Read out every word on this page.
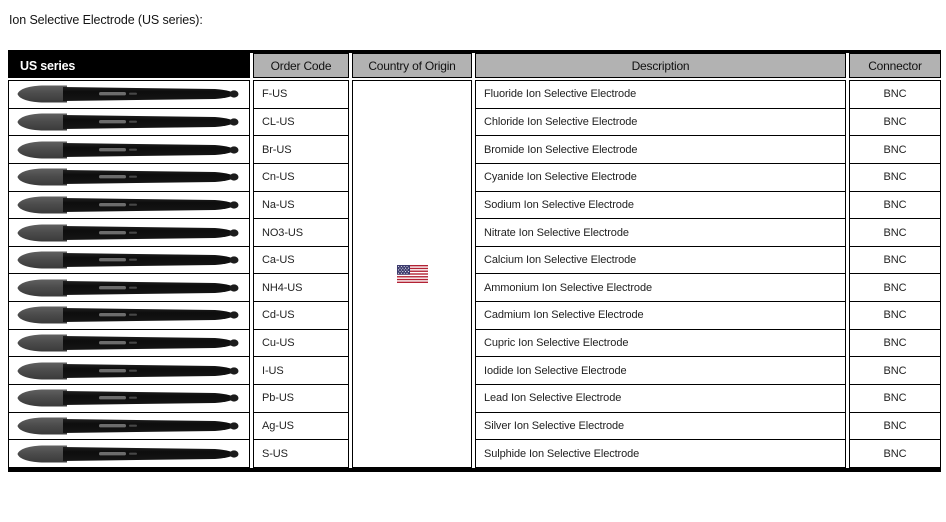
Ion Selective Electrode (US series):
US series	Order Code
F-US
CL-US
Br-US
Cn-US
Na-US
NO3-US
Ca-US
NH4-US
Cd-US
Cu-US
I-US
Pb-US
Ag-US
S-US
Country of Origin	Description
Fluoride Ion Selective Electrode
Chloride Ion Selective Electrode
Bromide Ion Selective Electrode
Cyanide Ion Selective Electrode
Sodium Ion Selective Electrode
Nitrate Ion Selective Electrode
Calcium Ion Selective Electrode
Ammonium Ion Selective Electrode
Cadmium Ion Selective Electrode
Cupric Ion Selective Electrode
Iodide Ion Selective Electrode
Lead Ion Selective Electrode
Silver Ion Selective Electrode
Sulphide Ion Selective Electrode
Connector
BNC
BNC
BNC
BNC
BNC
BNC
BNC
BNC
BNC
BNC
BNC
BNC
BNC
BNC
